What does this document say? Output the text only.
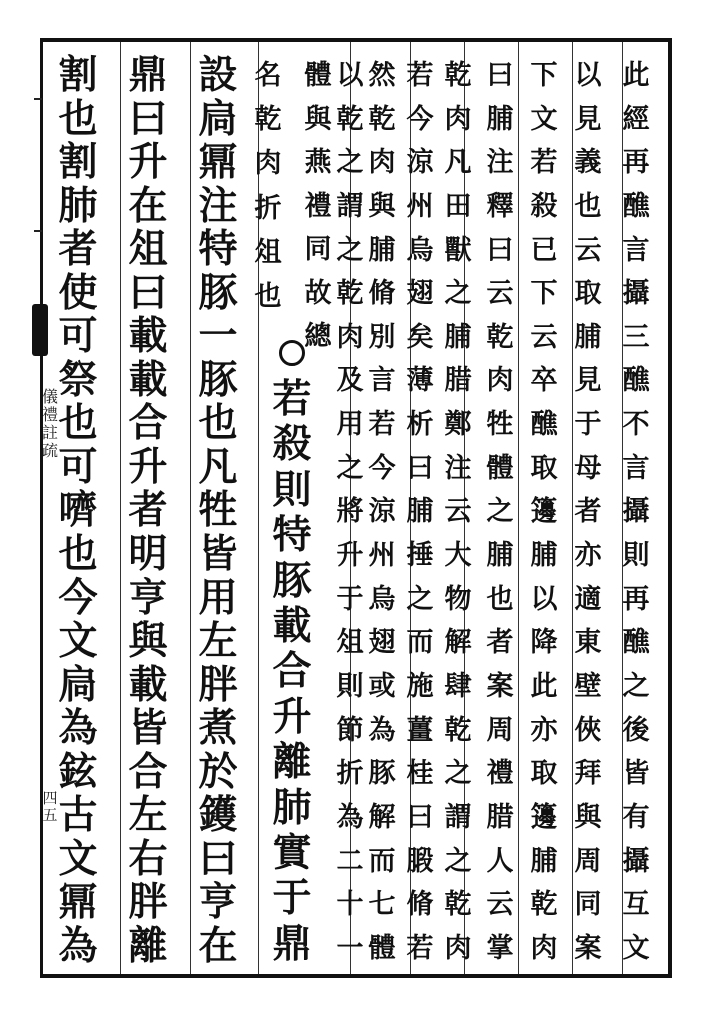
此
經
再
醮
言
攝
三
醮
不
言
攝
則
再
醮
之
後
皆
有
攝
互
文
以
見
義
也
云
取
脯
見
于
母
者
亦
適
東
壁
俠
拜
與
周
同
案
下
文
若
殺
已
下
云
卒
醮
取
籩
脯
以
降
此
亦
取
籩
脯
乾
肉
曰
脯
注
釋
曰
云
乾
肉
牲
體
之
脯
也
者
案
周
禮
腊
人
云
掌
乾
肉
凡
田
獸
之
脯
腊
鄭
注
云
大
物
解
肆
乾
之
謂
之
乾
肉
若
今
涼
州
烏
翅
矣
薄
析
曰
脯
捶
之
而
施
薑
桂
曰
腶
脩
若
然
乾
肉
與
脯
脩
別
言
若
今
涼
州
烏
翅
或
為
豚
解
而
七
體
以
乾
之
謂
之
乾
肉
及
用
之
將
升
于
俎
則
節
折
為
二
十
一
體
與
燕
禮
同
故
總
若
殺
則
特
豚
載
合
升
離
肺
實
于
鼎
名
乾
肉
折
俎
也
設
扃
鼏
注
特
豚
一
豚
也
凡
牲
皆
用
左
胖
煮
於
鑊
曰
亨
在
鼎
曰
升
在
俎
曰
載
載
合
升
者
明
亨
與
載
皆
合
左
右
胖
離
割
也
割
肺
者
使
可
祭
也
可
嚌
也
今
文
扃
為
鉉
古
文
鼏
為
儀
禮
註
疏
四
五
